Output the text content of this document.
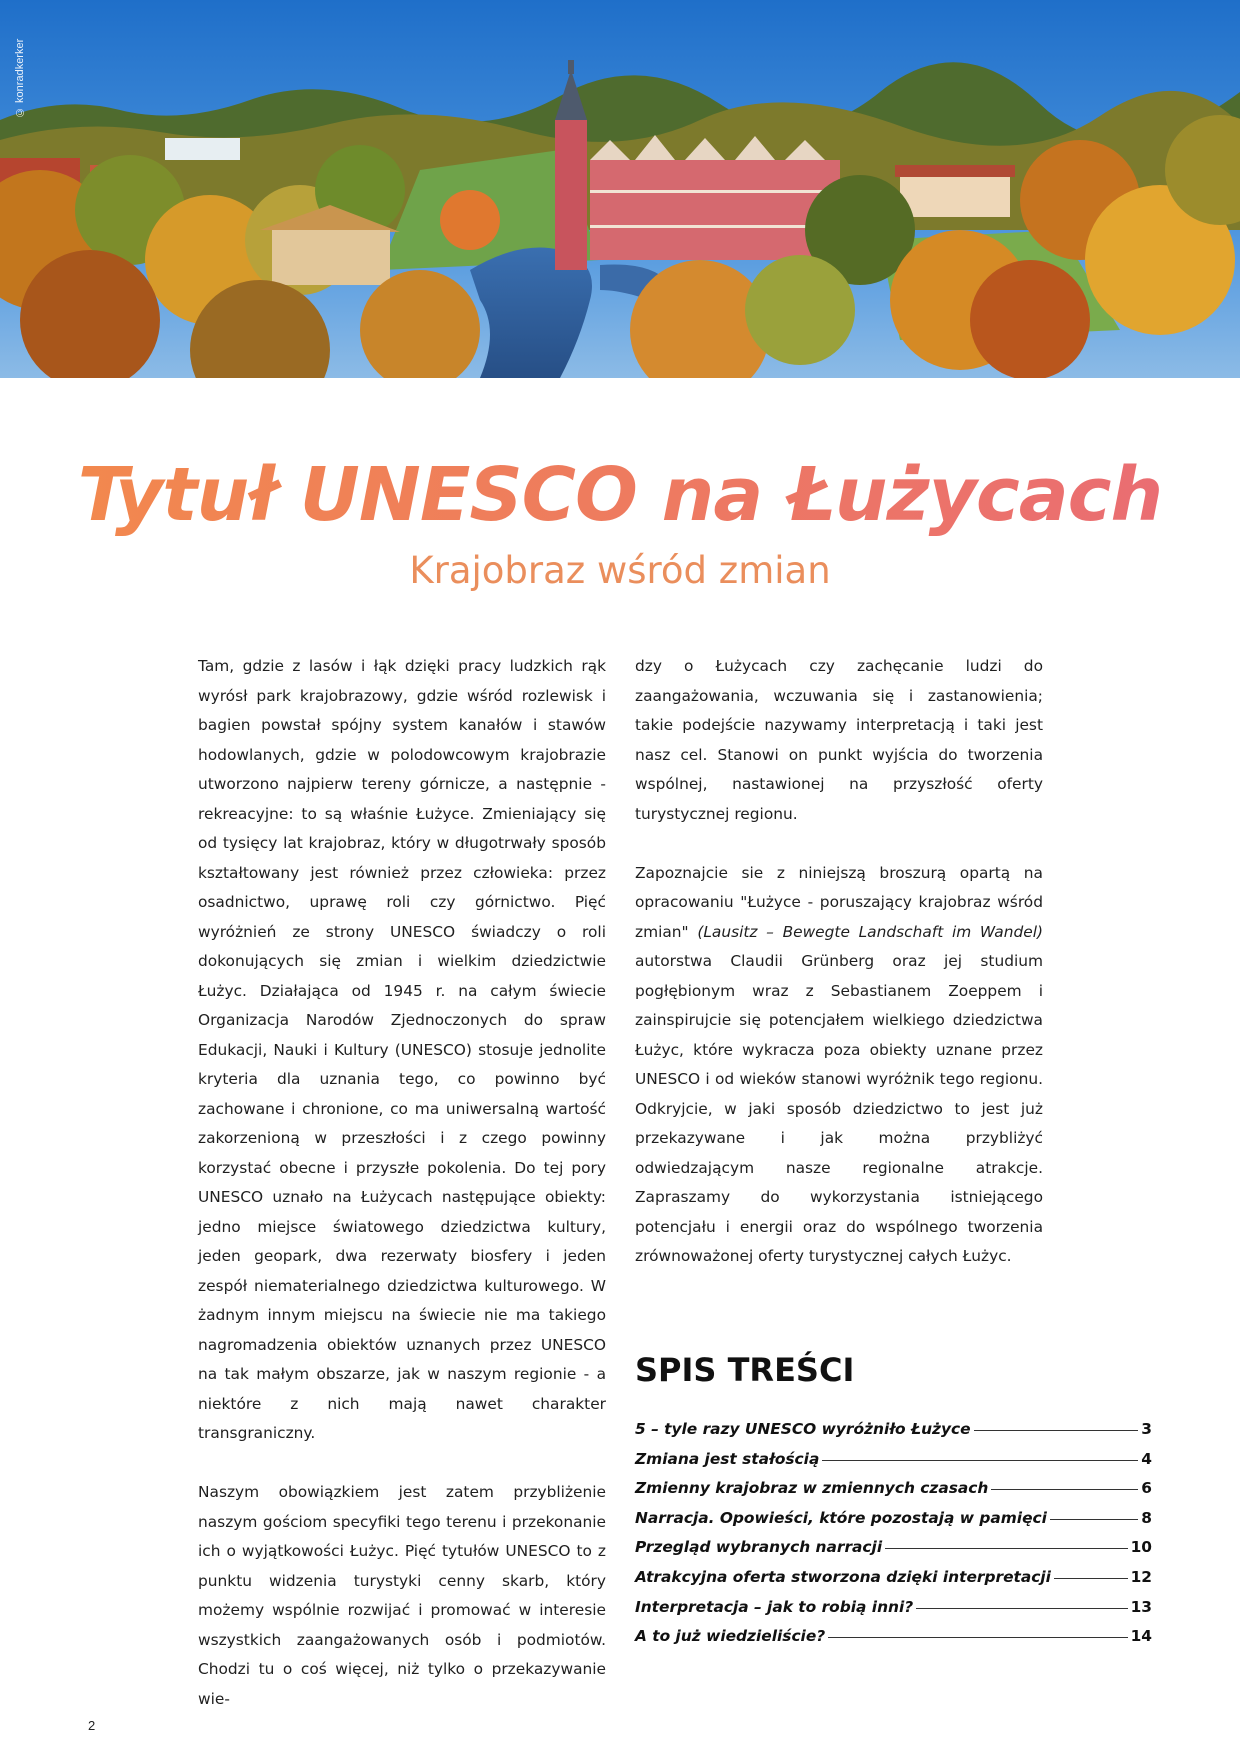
© konradkerker
Tytuł UNESCO na Łużycach
Krajobraz wśród zmian

Tam, gdzie z lasów i łąk dzięki pracy ludzkich rąk wyrósł park krajobrazowy, gdzie wśród rozlewisk i bagien powstał spójny system kanałów i stawów hodowlanych, gdzie w polodowcowym krajobrazie utworzono najpierw tereny górnicze, a następnie - rekreacyjne: to są właśnie Łużyce. Zmieniający się od tysięcy lat krajobraz, który w długotrwały sposób kształtowany jest również przez człowieka: przez osadnictwo, uprawę roli czy górnictwo. Pięć wyróżnień ze strony UNESCO świadczy o roli dokonujących się zmian i wielkim dziedzictwie Łużyc. Działająca od 1945 r. na całym świecie Organizacja Narodów Zjednoczonych do spraw Edukacji, Nauki i Kultury (UNESCO) stosuje jednolite kryteria dla uznania tego, co powinno być zachowane i chronione, co ma uniwersalną wartość zakorzenioną w przeszłości i z czego powinny korzystać obecne i przyszłe pokolenia. Do tej pory UNESCO uznało na Łużycach następujące obiekty: jedno miejsce światowego dziedzictwa kultury, jeden geopark, dwa rezerwaty biosfery i jeden zespół niematerialnego dziedzictwa kulturowego. W żadnym innym miejscu na świecie nie ma takiego nagromadzenia obiektów uznanych przez UNESCO na tak małym obszarze, jak w naszym regionie - a niektóre z nich mają nawet charakter transgraniczny.

Naszym obowiązkiem jest zatem przybliżenie naszym gościom specyfiki tego terenu i przekonanie ich o wyjątkowości Łużyc. Pięć tytułów UNESCO to z punktu widzenia turystyki cenny skarb, który możemy wspólnie rozwijać i promować w interesie wszystkich zaangażowanych osób i podmiotów. Chodzi tu o coś więcej, niż tylko o przekazywanie wie-

dzy o Łużycach czy zachęcanie ludzi do zaangażowania, wczuwania się i zastanowienia; takie podejście nazywamy interpretacją i taki jest nasz cel. Stanowi on punkt wyjścia do tworzenia wspólnej, nastawionej na przyszłość oferty turystycznej regionu.

Zapoznajcie sie z niniejszą broszurą opartą na opracowaniu "Łużyce - poruszający krajobraz wśród zmian" (Lausitz – Bewegte Landschaft im Wandel) autorstwa Claudii Grünberg oraz jej studium pogłębionym wraz z Sebastianem Zoeppem i zainspirujcie się potencjałem wielkiego dziedzictwa Łużyc, które wykracza poza obiekty uznane przez UNESCO i od wieków stanowi wyróżnik tego regionu. Odkryjcie, w jaki sposób dziedzictwo to jest już przekazywane i jak można przybliżyć odwiedzającym nasze regionalne atrakcje. Zapraszamy do wykorzystania istniejącego potencjału i energii oraz do wspólnego tworzenia zrównoważonej oferty turystycznej całych Łużyc.

SPIS TREŚCI
5 – tyle razy UNESCO wyróżniło Łużyce	3
Zmiana jest stałością	4
Zmienny krajobraz w zmiennych czasach	6
Narracja. Opowieści, które pozostają w pamięci	8
Przegląd wybranych narracji	10
Atrakcyjna oferta stworzona dzięki interpretacji	12
Interpretacja – jak to robią inni?	13
A to już wiedzieliście?	14
2
